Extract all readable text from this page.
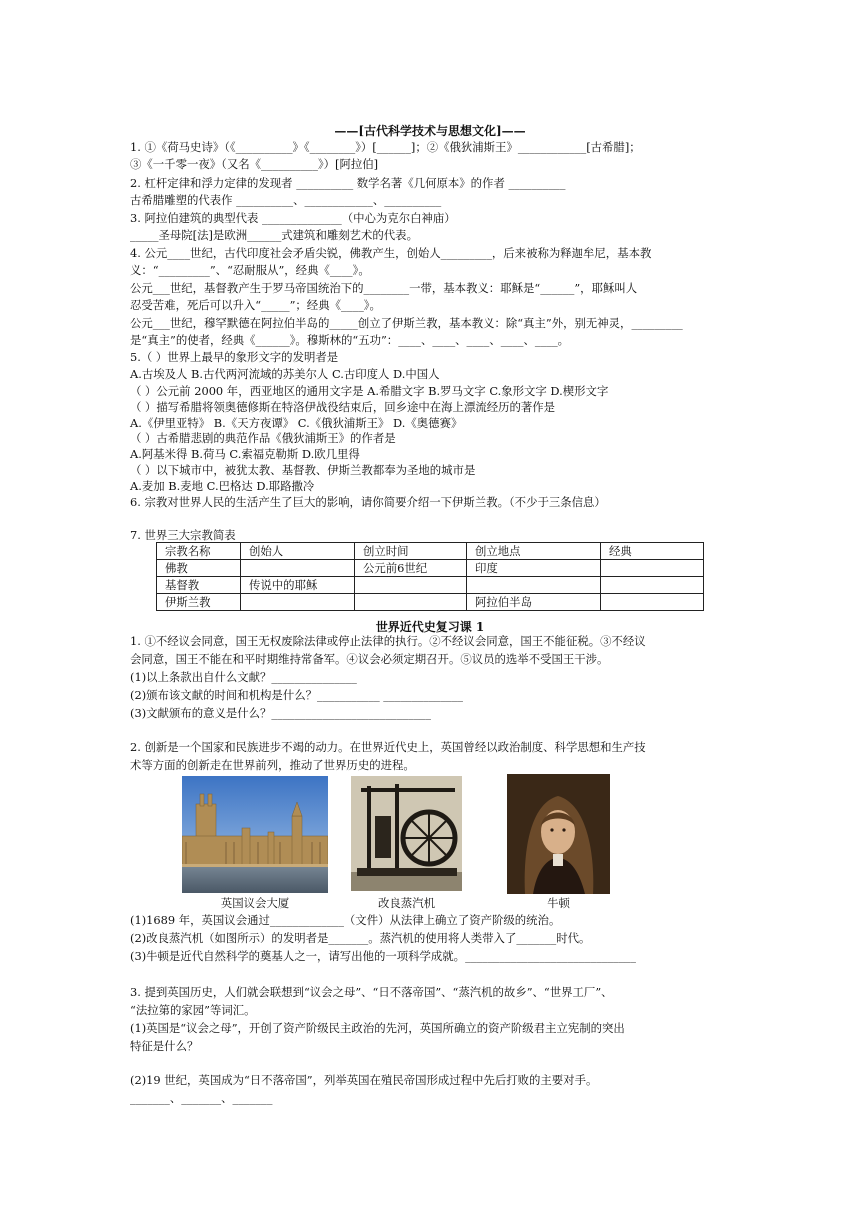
——[古代科学技术与思想文化]——
1. ①《荷马史诗》（《__________》《________》）[______]；②《俄狄浦斯王》____________[古希腊]；
③《一千零一夜》（又名《__________》）[阿拉伯]
2. 杠杆定律和浮力定律的发现者 __________ 数学名著《几何原本》的作者 __________
古希腊雕塑的代表作 __________、____________、__________
3. 阿拉伯建筑的典型代表 ______________（中心为克尔白神庙）
_____圣母院[法]是欧洲______式建筑和雕刻艺术的代表。
4. 公元____世纪，古代印度社会矛盾尖锐，佛教产生，创始人_________，后来被称为释迦牟尼，基本教
义：“_________”、“忍耐服从”，经典《____》。
公元___世纪，基督教产生于罗马帝国统治下的________一带，基本教义：耶稣是“______”，耶稣叫人
忍受苦难，死后可以升入“_____”；经典《____》。
公元___世纪，穆罕默德在阿拉伯半岛的_____创立了伊斯兰教，基本教义：除“真主”外，别无神灵，_________
是“真主”的使者，经典《______》。穆斯林的“五功”：____、____、____、____、____。
5.（ ）世界上最早的象形文字的发明者是
A.古埃及人 B.古代两河流域的苏美尔人 C.古印度人 D.中国人
（ ）公元前 2000 年，西亚地区的通用文字是 A.希腊文字 B.罗马文字 C.象形文字 D.楔形文字
（ ）描写希腊将领奥德修斯在特洛伊战役结束后，回乡途中在海上漂流经历的著作是
A.《伊里亚特》 B.《天方夜谭》 C.《俄狄浦斯王》 D.《奥德赛》
（ ）古希腊悲剧的典范作品《俄狄浦斯王》的作者是
A.阿基米得 B.荷马 C.索福克勒斯 D.欧几里得
（ ）以下城市中，被犹太教、基督教、伊斯兰教都奉为圣地的城市是
A.麦加 B.麦地 C.巴格达 D.耶路撒冷
6. 宗教对世界人民的生活产生了巨大的影响，请你简要介绍一下伊斯兰教。（不少于三条信息）
7. 世界三大宗教简表
宗教名称	创始人	创立时间	创立地点	经典
佛教		公元前6世纪	印度	
基督教	传说中的耶稣			
伊斯兰教			阿拉伯半岛	
世界近代史复习课 1
1. ①不经议会同意，国王无权废除法律或停止法律的执行。②不经议会同意，国王不能征税。③不经议
会同意，国王不能在和平时期维持常备军。④议会必须定期召开。⑤议员的选举不受国王干涉。
(1)以上条款出自什么文献？_______________
(2)颁布该文献的时间和机构是什么？___________ ______________
(3)文献颁布的意义是什么？____________________________
2. 创新是一个国家和民族进步不竭的动力。在世界近代史上，英国曾经以政治制度、科学思想和生产技
术等方面的创新走在世界前列，推动了世界历史的进程。
英国议会大厦	改良蒸汽机	牛顿
(1)1689 年，英国议会通过_____________（文件）从法律上确立了资产阶级的统治。
(2)改良蒸汽机（如图所示）的发明者是_______。蒸汽机的使用将人类带入了_______时代。
(3)牛顿是近代自然科学的奠基人之一，请写出他的一项科学成就。______________________________
3. 提到英国历史，人们就会联想到“议会之母”、“日不落帝国”、“蒸汽机的故乡”、“世界工厂”、
“法拉第的家园”等词汇。
(1)英国是“议会之母”，开创了资产阶级民主政治的先河，英国所确立的资产阶级君主立宪制的突出
特征是什么？
(2)19 世纪，英国成为“日不落帝国”，列举英国在殖民帝国形成过程中先后打败的主要对手。
_______、_______、_______
